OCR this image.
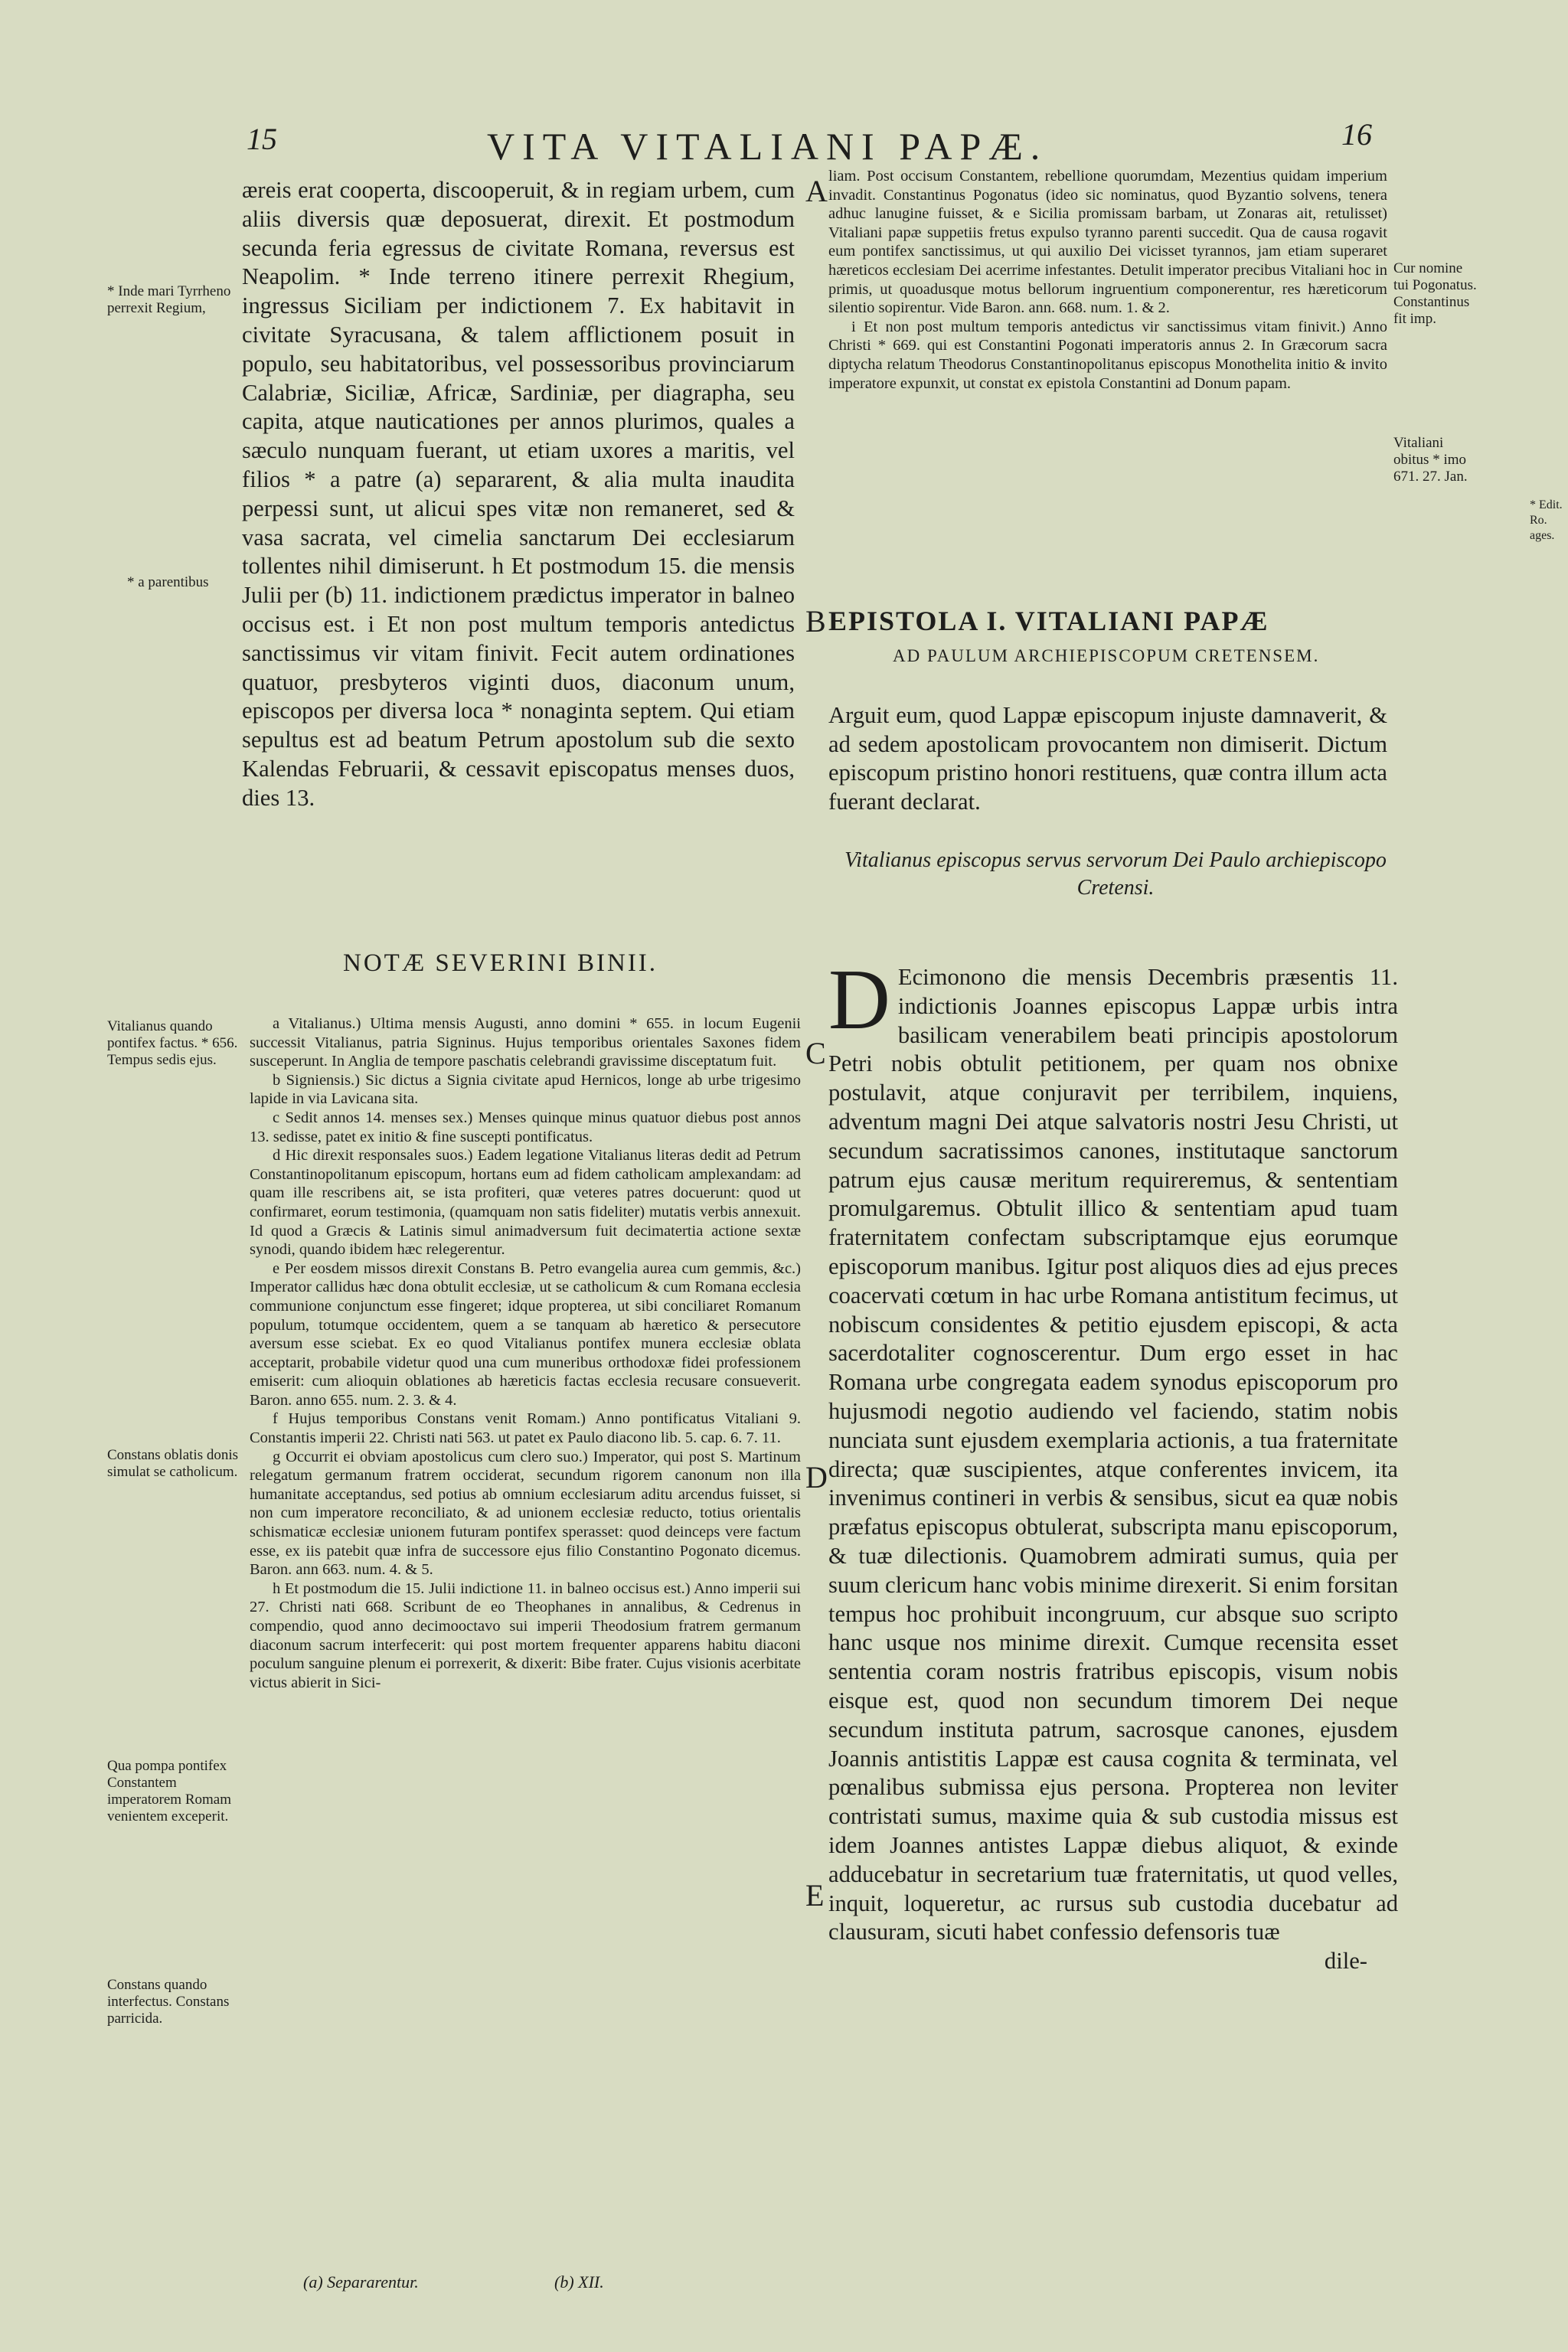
15	VITA VITALIANI PAPÆ.	16

æreis erat cooperta, discooperuit, & in regiam urbem, cum aliis diversis quæ deposuerat, direxit. Et postmodum secunda feria egressus de civitate Romana, reversus est Neapolim. * Inde terreno itinere perrexit Rhegium, ingressus Siciliam per indictionem 7. Ex habitavit in civitate Syracusana, & talem afflictionem posuit in populo, seu habitatoribus, vel possessoribus provinciarum Calabriæ, Siciliæ, Africæ, Sardiniæ, per diagrapha, seu capita, atque nauticationes per annos plurimos, quales a sæculo nunquam fuerant, ut etiam uxores a maritis, vel filios * a patre (a) separarent, & alia multa inaudita perpessi sunt, ut alicui spes vitæ non remaneret, sed & vasa sacrata, vel cimelia sanctarum Dei ecclesiarum tollentes nihil dimiserunt. h Et postmodum 15. die mensis Julii per (b) 11. indictionem prædictus imperator in balneo occisus est. i Et non post multum temporis antedictus sanctissimus vir vitam finivit. Fecit autem ordinationes quatuor, presbyteros viginti duos, diaconum unum, episcopos per diversa loca * nonaginta septem. Qui etiam sepultus est ad beatum Petrum apostolum sub die sexto Kalendas Februarii, & cessavit episcopatus menses duos, dies 13.

NOTÆ SEVERINI BINII.

a Vitalianus.) Ultima mensis Augusti, anno domini * 655. in locum Eugenii successit Vitalianus, patria Signinus. Hujus temporibus orientales Saxones fidem susceperunt. In Anglia de tempore paschatis celebrandi gravissime disceptatum fuit.

b Signiensis.) Sic dictus a Signia civitate apud Hernicos, longe ab urbe trigesimo lapide in via Lavicana sita.

c Sedit annos 14. menses sex.) Menses quinque minus quatuor diebus post annos 13. sedisse, patet ex initio & fine suscepti pontificatus.

d Hic direxit responsales suos.) Eadem legatione Vitalianus literas dedit ad Petrum Constantinopolitanum episcopum, hortans eum ad fidem catholicam amplexandam: ad quam ille rescribens ait, se ista profiteri, quæ veteres patres docuerunt: quod ut confirmaret, eorum testimonia, (quamquam non satis fideliter) mutatis verbis annexuit. Id quod a Græcis & Latinis simul animadversum fuit decimatertia actione sextæ synodi, quando ibidem hæc relegerentur.

e Per eosdem missos direxit Constans B. Petro evangelia aurea cum gemmis, &c.) Imperator callidus hæc dona obtulit ecclesiæ, ut se catholicum & cum Romana ecclesia communione conjunctum esse fingeret; idque propterea, ut sibi conciliaret Romanum populum, totumque occidentem, quem a se tanquam ab hæretico & persecutore aversum esse sciebat. Ex eo quod Vitalianus pontifex munera ecclesiæ oblata acceptarit, probabile videtur quod una cum muneribus orthodoxæ fidei professionem emiserit: cum alioquin oblationes ab hæreticis factas ecclesia recusare consueverit. Baron. anno 655. num. 2. 3. & 4.

f Hujus temporibus Constans venit Romam.) Anno pontificatus Vitaliani 9. Constantis imperii 22. Christi nati 563. ut patet ex Paulo diacono lib. 5. cap. 6. 7. 11.

g Occurrit ei obviam apostolicus cum clero suo.) Imperator, qui post S. Martinum relegatum germanum fratrem occiderat, secundum rigorem canonum non illa humanitate acceptandus, sed potius ab omnium ecclesiarum aditu arcendus fuisset, si non cum imperatore reconciliato, & ad unionem ecclesiæ reducto, totius orientalis schismaticæ ecclesiæ unionem futuram pontifex sperasset: quod deinceps vere factum esse, ex iis patebit quæ infra de successore ejus filio Constantino Pogonato dicemus. Baron. ann 663. num. 4. & 5.

h Et postmodum die 15. Julii indictione 11. in balneo occisus est.) Anno imperii sui 27. Christi nati 668. Scribunt de eo Theophanes in annalibus, & Cedrenus in compendio, quod anno decimooctavo sui imperii Theodosium fratrem germanum diaconum sacrum interfecerit: qui post mortem frequenter apparens habitu diaconi poculum sanguine plenum ei porrexerit, & dixerit: Bibe frater. Cujus visionis acerbitate victus abierit in Sici-

liam. Post occisum Constantem, rebellione quorumdam, Mezentius quidam imperium invadit. Constantinus Pogonatus (ideo sic nominatus, quod Byzantio solvens, tenera adhuc lanugine fuisset, & e Sicilia promissam barbam, ut Zonaras ait, retulisset) Vitaliani papæ suppetiis fretus expulso tyranno parenti succedit. Qua de causa rogavit eum pontifex sanctissimus, ut qui auxilio Dei vicisset tyrannos, jam etiam superaret hæreticos ecclesiam Dei acerrime infestantes. Detulit imperator precibus Vitaliani hoc in primis, ut quoadusque motus bellorum ingruentium componerentur, res hæreticorum silentio sopirentur. Vide Baron. ann. 668. num. 1. & 2.

i Et non post multum temporis antedictus vir sanctissimus vitam finivit.) Anno Christi * 669. qui est Constantini Pogonati imperatoris annus 2. In Græcorum sacra diptycha relatum Theodorus Constantinopolitanus episcopus Monothelita initio & invito imperatore expunxit, ut constat ex epistola Constantini ad Donum papam.

EPISTOLA I. VITALIANI PAPÆ
AD PAULUM ARCHIEPISCOPUM CRETENSEM.

Arguit eum, quod Lappæ episcopum injuste damnaverit, & ad sedem apostolicam provocantem non dimiserit. Dictum episcopum pristino honori restituens, quæ contra illum acta fuerant declarat.

Vitalianus episcopus servus servorum Dei Paulo archiepiscopo Cretensi.

D Ecimonono die mensis Decembris præsentis 11. indictionis Joannes episcopus Lappæ urbis intra basilicam venerabilem beati principis apostolorum Petri nobis obtulit petitionem, per quam nos obnixe postulavit, atque conjuravit per terribilem, inquiens, adventum magni Dei atque salvatoris nostri Jesu Christi, ut secundum sacratissimos canones, institutaque sanctorum patrum ejus causæ meritum requireremus, & sententiam promulgaremus. Obtulit illico & sententiam apud tuam fraternitatem confectam subscriptamque ejus eorumque episcoporum manibus. Igitur post aliquos dies ad ejus preces coacervati cœtum in hac urbe Romana antistitum fecimus, ut nobiscum considentes & petitio ejusdem episcopi, & acta sacerdotaliter cognoscerentur. Dum ergo esset in hac Romana urbe congregata eadem synodus episcoporum pro hujusmodi negotio audiendo vel faciendo, statim nobis nunciata sunt ejusdem exemplaria actionis, a tua fraternitate directa; quæ suscipientes, atque conferentes invicem, ita invenimus contineri in verbis & sensibus, sicut ea quæ nobis præfatus episcopus obtulerat, subscripta manu episcoporum, & tuæ dilectionis. Quamobrem admirati sumus, quia per suum clericum hanc vobis minime direxerit. Si enim forsitan tempus hoc prohibuit incongruum, cur absque suo scripto hanc usque nos minime direxit. Cumque recensita esset sententia coram nostris fratribus episcopis, visum nobis eisque est, quod non secundum timorem Dei neque secundum instituta patrum, sacrosque canones, ejusdem Joannis antistitis Lappæ est causa cognita & terminata, vel pœnalibus submissa ejus persona. Propterea non leviter contristati sumus, maxime quia & sub custodia missus est idem Joannes antistes Lappæ diebus aliquot, & exinde adducebatur in secretarium tuæ fraternitatis, ut quod velles, inquit, loqueretur, ac rursus sub custodia ducebatur ad clausuram, sicuti habet confessio defensoris tuæ
dile-
* Inde mari Tyrrheno perrexit Regium,
* a parentibus
Vitalianus quando pontifex factus. * 656. Tempus sedis ejus.
Constans oblatis donis simulat se catholicum.
Qua pompa pontifex Constantem imperatorem Romam venientem exceperit.
Constans quando interfectus. Constans parricida.
Cur nomine tui Pogonatus. Constantinus fit imp.
Vitaliani obitus * imo 671. 27. Jan.
A
B
C
D
E
(a) Separarentur.	(b) XII.
* Edit. Ro. ages.
